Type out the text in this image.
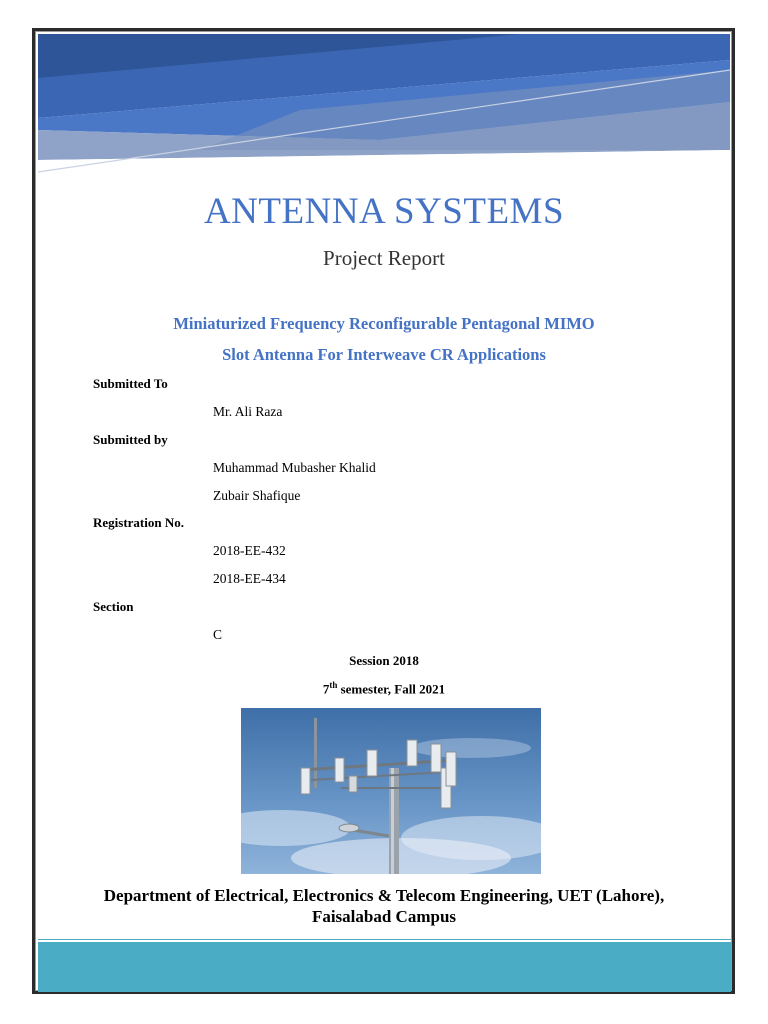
ANTENNA SYSTEMS
Project Report
Miniaturized Frequency Reconfigurable Pentagonal MIMO
Slot Antenna For Interweave CR Applications
Submitted To
Mr. Ali Raza
Submitted by
Muhammad Mubasher Khalid
Zubair Shafique
Registration No.
2018-EE-432
2018-EE-434
Section
C
Session 2018
7th semester, Fall 2021
Department of Electrical, Electronics & Telecom Engineering, UET (Lahore),
Faisalabad Campus
